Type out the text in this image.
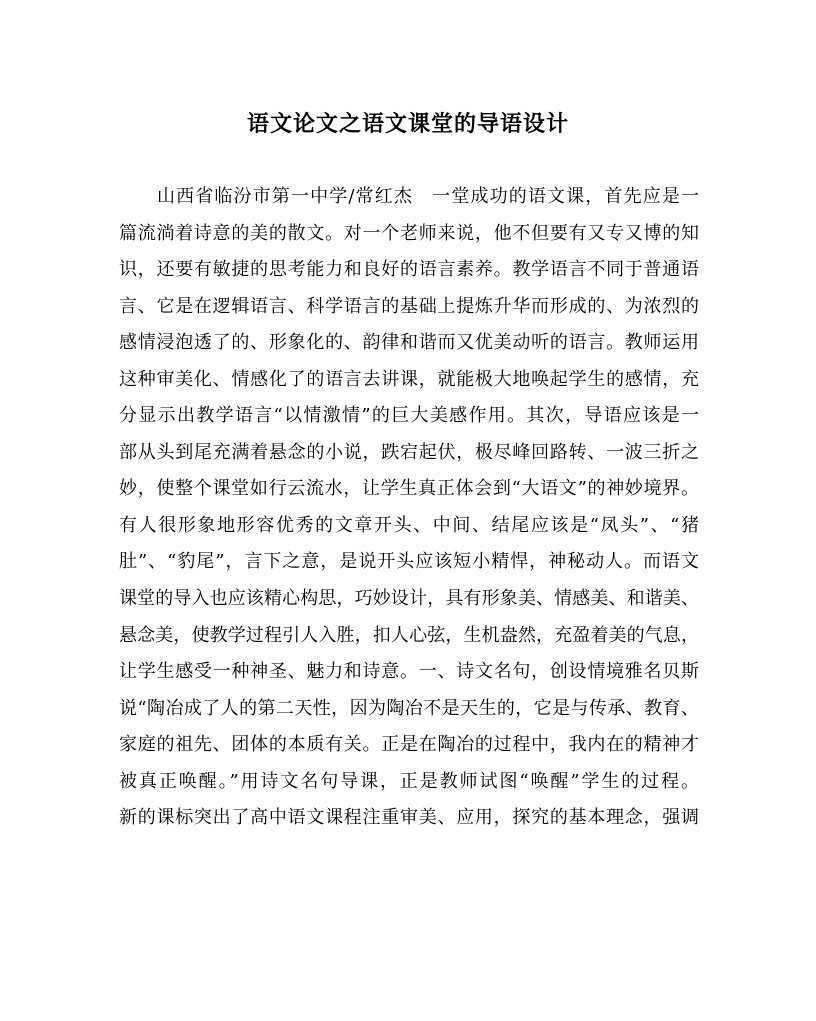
语文论文之语文课堂的导语设计
山西省临汾市第一中学/常红杰　一堂成功的语文课，首先应是一
篇流淌着诗意的美的散文。对一个老师来说，他不但要有又专又博的知
识，还要有敏捷的思考能力和良好的语言素养。教学语言不同于普通语
言、它是在逻辑语言、科学语言的基础上提炼升华而形成的、为浓烈的
感情浸泡透了的、形象化的、韵律和谐而又优美动听的语言。教师运用
这种审美化、情感化了的语言去讲课，就能极大地唤起学生的感情，充
分显示出教学语言“以情激情”的巨大美感作用。其次，导语应该是一
部从头到尾充满着悬念的小说，跌宕起伏，极尽峰回路转、一波三折之
妙，使整个课堂如行云流水，让学生真正体会到“大语文”的神妙境界。
有人很形象地形容优秀的文章开头、中间、结尾应该是“凤头”、“猪
肚”、“豹尾”，言下之意，是说开头应该短小精悍，神秘动人。而语文
课堂的导入也应该精心构思，巧妙设计，具有形象美、情感美、和谐美、
悬念美，使教学过程引人入胜，扣人心弦，生机盎然，充盈着美的气息，
让学生感受一种神圣、魅力和诗意。一、诗文名句，创设情境雅名贝斯
说“陶冶成了人的第二天性，因为陶冶不是天生的，它是与传承、教育、
家庭的祖先、团体的本质有关。正是在陶冶的过程中，我内在的精神才
被真正唤醒。”用诗文名句导课，正是教师试图“唤醒”学生的过程。
新的课标突出了高中语文课程注重审美、应用，探究的基本理念，强调
